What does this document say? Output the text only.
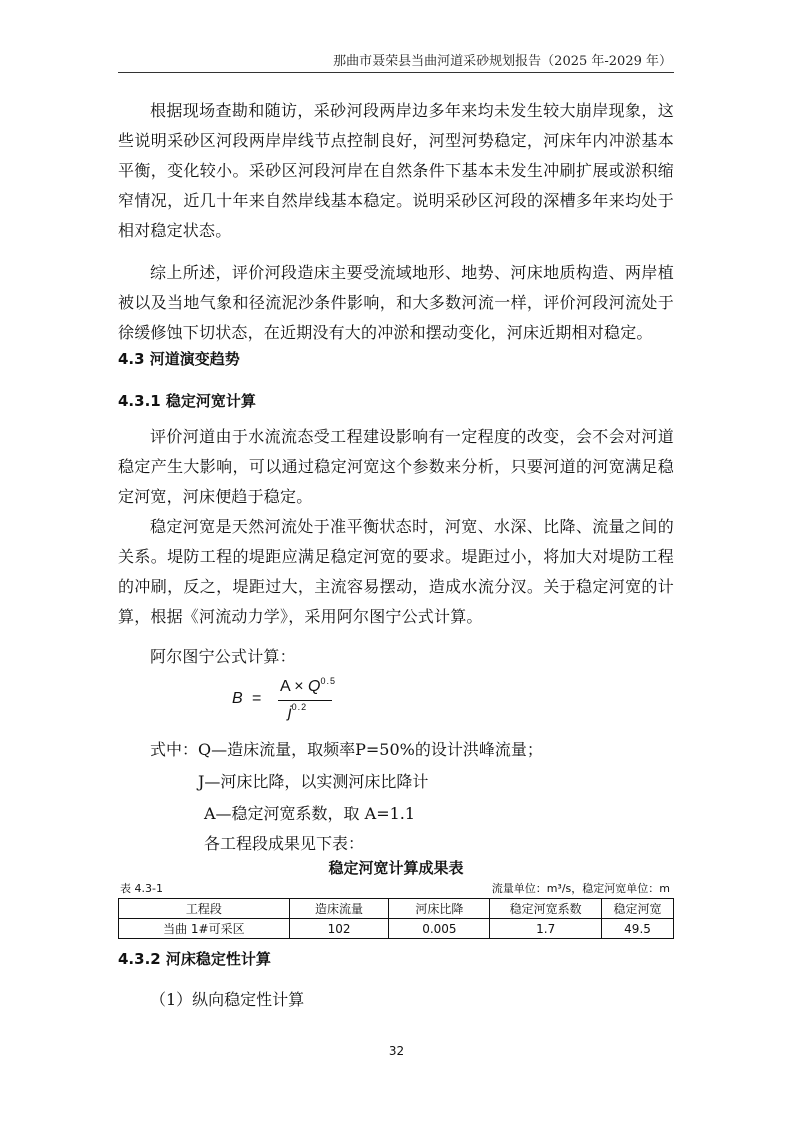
那曲市聂荣县当曲河道采砂规划报告（2025 年-2029 年）

根据现场查勘和随访，采砂河段两岸边多年来均未发生较大崩岸现象，这些说明采砂区河段两岸岸线节点控制良好，河型河势稳定，河床年内冲淤基本平衡，变化较小。采砂区河段河岸在自然条件下基本未发生冲刷扩展或淤积缩窄情况，近几十年来自然岸线基本稳定。说明采砂区河段的深槽多年来均处于相对稳定状态。

综上所述，评价河段造床主要受流域地形、地势、河床地质构造、两岸植被以及当地气象和径流泥沙条件影响，和大多数河流一样，评价河段河流处于徐缓修蚀下切状态，在近期没有大的冲淤和摆动变化，河床近期相对稳定。

4.3 河道演变趋势

4.3.1 稳定河宽计算

评价河道由于水流流态受工程建设影响有一定程度的改变，会不会对河道稳定产生大影响，可以通过稳定河宽这个参数来分析，只要河道的河宽满足稳定河宽，河床便趋于稳定。

稳定河宽是天然河流处于准平衡状态时，河宽、水深、比降、流量之间的关系。堤防工程的堤距应满足稳定河宽的要求。堤距过小，将加大对堤防工程的冲刷，反之，堤距过大，主流容易摆动，造成水流分汊。关于稳定河宽的计算，根据《河流动力学》，采用阿尔图宁公式计算。

阿尔图宁公式计算：

B =
$A \times Q^{0.5}$
$j^{0.2}$

式中：Q—造床流量，取频率P=50%的设计洪峰流量；

J—河床比降，以实测河床比降计

A—稳定河宽系数，取 A=1.1

各工程段成果见下表：

稳定河宽计算成果表
表 4.3-1	流量单位：m³/s，稳定河宽单位：m
工程段	造床流量	河床比降	稳定河宽系数	稳定河宽
当曲 1#可采区	102	0.005	1.7	49.5

4.3.2 河床稳定性计算

（1）纵向稳定性计算

32
